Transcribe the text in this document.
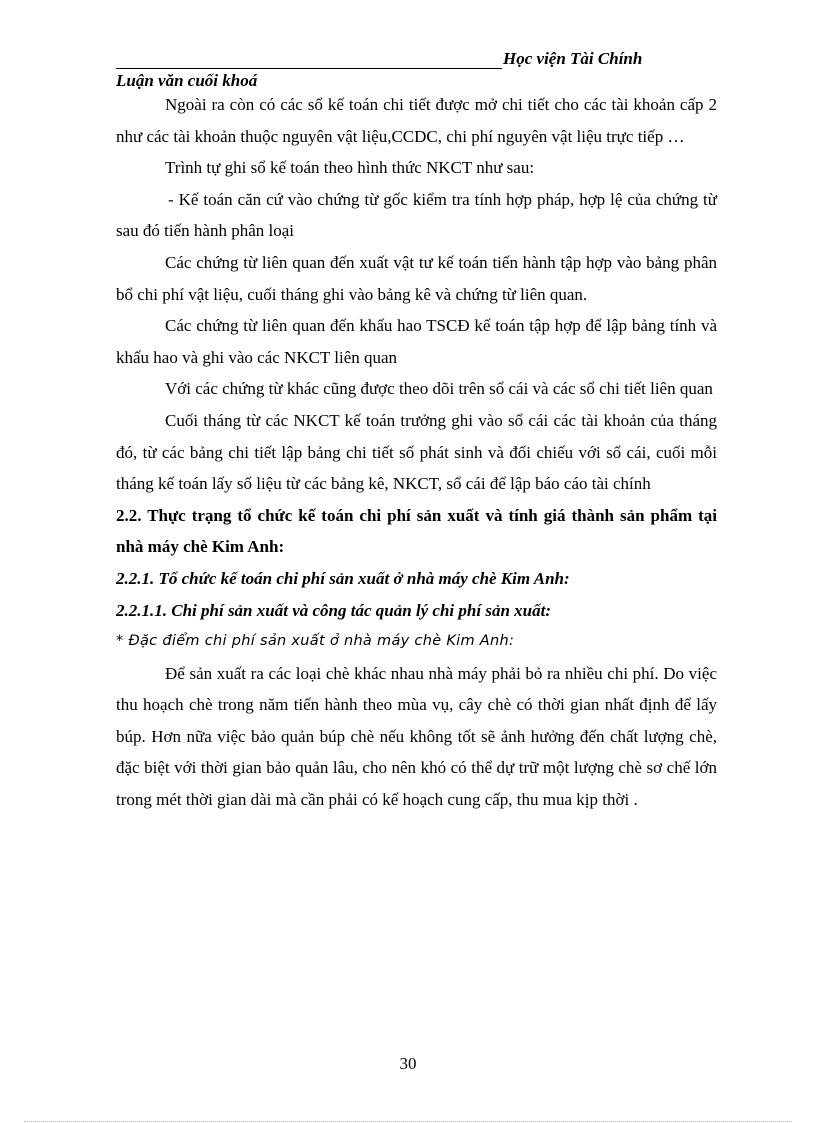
Học viện Tài Chính
Luận văn cuối khoá

Ngoài ra còn có các sổ kế toán chi tiết được mở chi tiết cho các tài khoản cấp 2 như các tài khoản thuộc nguyên vật liệu,CCDC, chi phí nguyên vật liệu trực tiếp …

Trình tự ghi sổ kế toán theo hình thức NKCT như sau:

- Kế toán căn cứ vào chứng từ gốc kiểm tra tính hợp pháp, hợp lệ của chứng từ sau đó tiến hành phân loại

Các chứng từ liên quan đến xuất vật tư kế toán tiến hành tập hợp vào bảng phân bổ chi phí vật liệu, cuối tháng ghi vào bảng kê và chứng từ liên quan.

Các chứng từ liên quan đến khấu hao TSCĐ kế toán tập hợp để lập bảng tính và khấu hao và ghi vào các NKCT liên quan

Với các chứng từ khác cũng được theo dõi trên sổ cái và các sổ chi tiết liên quan

Cuối tháng từ các NKCT kế toán trưởng ghi vào sổ cái các tài khoản của tháng đó, từ các bảng chi tiết lập bảng chi tiết số phát sinh và đối chiếu với sổ cái, cuối mỗi tháng kế toán lấy số liệu từ các bảng kê, NKCT, sổ cái để lập báo cáo tài chính

2.2. Thực trạng tổ chức kế toán chi phí sản xuất và tính giá thành sản phẩm tại nhà máy chè Kim Anh:

2.2.1. Tổ chức kế toán chi phí sản xuất ở nhà máy chè Kim Anh:

2.2.1.1. Chi phí sản xuất và công tác quản lý chi phí sản xuất:

* Đặc điểm chi phí sản xuất ở nhà máy chè Kim Anh:

Để sản xuất ra các loại chè khác nhau nhà máy phải bỏ ra nhiều chi phí. Do việc thu hoạch chè trong năm tiến hành theo mùa vụ, cây chè có thời gian nhất định để lấy búp. Hơn nữa việc bảo quản búp chè nếu không tốt sẽ ảnh hưởng đến chất lượng chè, đặc biệt với thời gian bảo quản lâu, cho nên khó có thể dự trữ một lượng chè sơ chế lớn trong mét thời gian dài mà cần phải có kế hoạch cung cấp, thu mua kịp thời .

30
